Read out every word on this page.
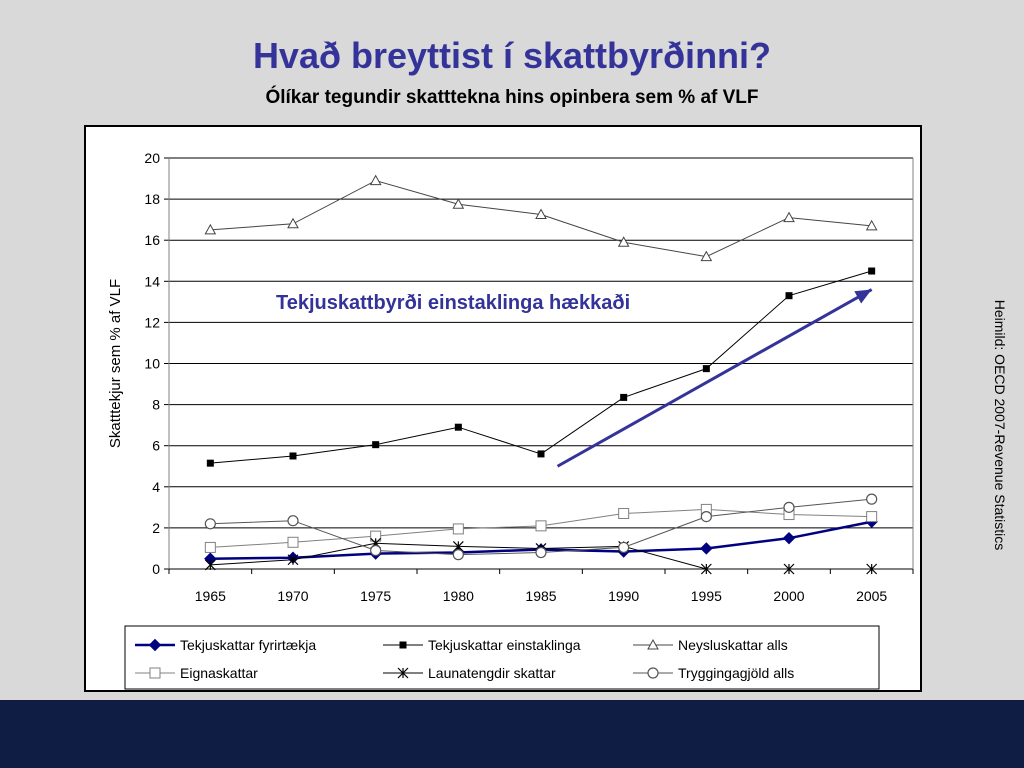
Hvað breyttist í skattbyrðinni?
Ólíkar tegundir skatttekna hins opinbera sem % af VLF
0
2
4
6
8
10
12
14
16
18
20
1965	1970	1975	1980	1985	1990	1995	2000	2005
Skatttekjur sem % af VLF	Tekjuskattbyrði einstaklinga hækkaði
Tekjuskattar fyrirtækja	Tekjuskattar einstaklinga	Neysluskattar alls
Eignaskattar	Launatengdir skattar	Tryggingagjöld alls
Heimild: OECD 2007-Revenue Statistics
